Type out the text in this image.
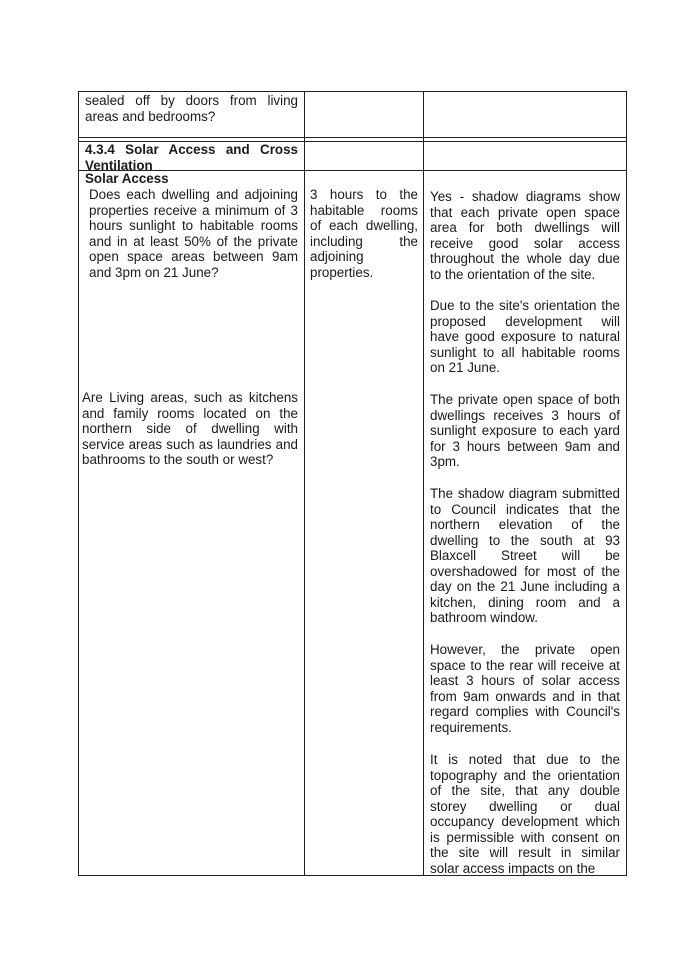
sealed off by doors from living areas and bedrooms?
4.3.4 Solar Access and Cross Ventilation
Solar Access
Does each dwelling and adjoining properties receive a minimum of 3 hours sunlight to habitable rooms and in at least 50% of the private open space areas between 9am and 3pm on 21 June?
Are Living areas, such as kitchens and family rooms located on the northern side of dwelling with service areas such as laundries and bathrooms to the south or west?
3 hours to the habitable rooms of each dwelling, including the adjoining properties.
Yes - shadow diagrams show that each private open space area for both dwellings will receive good solar access throughout the whole day due to the orientation of the site.
Due to the site's orientation the proposed development will have good exposure to natural sunlight to all habitable rooms on 21 June.
The private open space of both dwellings receives 3 hours of sunlight exposure to each yard for 3 hours between 9am and 3pm.
The shadow diagram submitted to Council indicates that the northern elevation of the dwelling to the south at 93 Blaxcell Street will be overshadowed for most of the day on the 21 June including a kitchen, dining room and a bathroom window.
However, the private open space to the rear will receive at least 3 hours of solar access from 9am onwards and in that regard complies with Council's requirements.
It is noted that due to the topography and the orientation of the site, that any double storey dwelling or dual occupancy development which is permissible with consent on the site will result in similar solar access impacts on the
